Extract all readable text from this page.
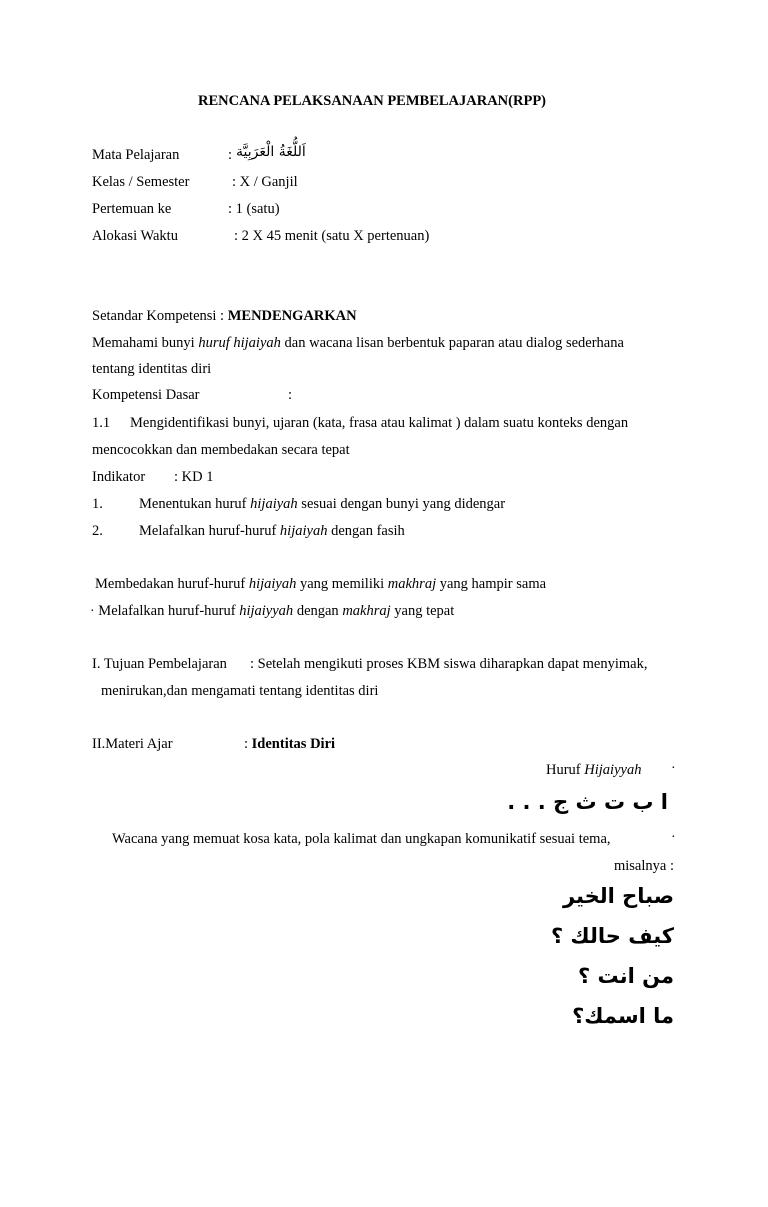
RENCANA PELAKSANAAN PEMBELAJARAN(RPP)
Mata Pelajaran	: اَللُّغَةُ الْعَرَبِيَّة
Kelas / Semester	: X / Ganjil
Pertemuan ke	: 1 (satu)
Alokasi Waktu	: 2 X 45 menit (satu X pertenuan)
Setandar Kompetensi : MENDENGARKAN
Memahami bunyi huruf hijaiyah dan wacana lisan berbentuk paparan atau dialog sederhana
tentang identitas diri
Kompetensi Dasar	:
1.1 Mengidentifikasi bunyi, ujaran (kata, frasa atau kalimat ) dalam suatu konteks dengan
mencocokkan dan membedakan secara tepat
Indikator : KD 1
1. Menentukan huruf hijaiyah sesuai dengan bunyi yang didengar
2. Melafalkan huruf-huruf hijaiyah dengan fasih
Membedakan huruf-huruf hijaiyah yang memiliki makhraj yang hampir sama
· Melafalkan huruf-huruf hijaiyyah dengan makhraj yang tepat
I. Tujuan Pembelajaran : Setelah mengikuti proses KBM siswa diharapkan dapat menyimak,
menirukan,dan mengamati tentang identitas diri
II.Materi Ajar	: Identitas Diri
Huruf Hijaiyyah ·
ا ب ت ث ج . . .
Wacana yang memuat kosa kata, pola kalimat dan ungkapan komunikatif sesuai tema,	·
misalnya :
صباح الخير
كيف حالك ؟
من انت ؟
ما اسمك؟
